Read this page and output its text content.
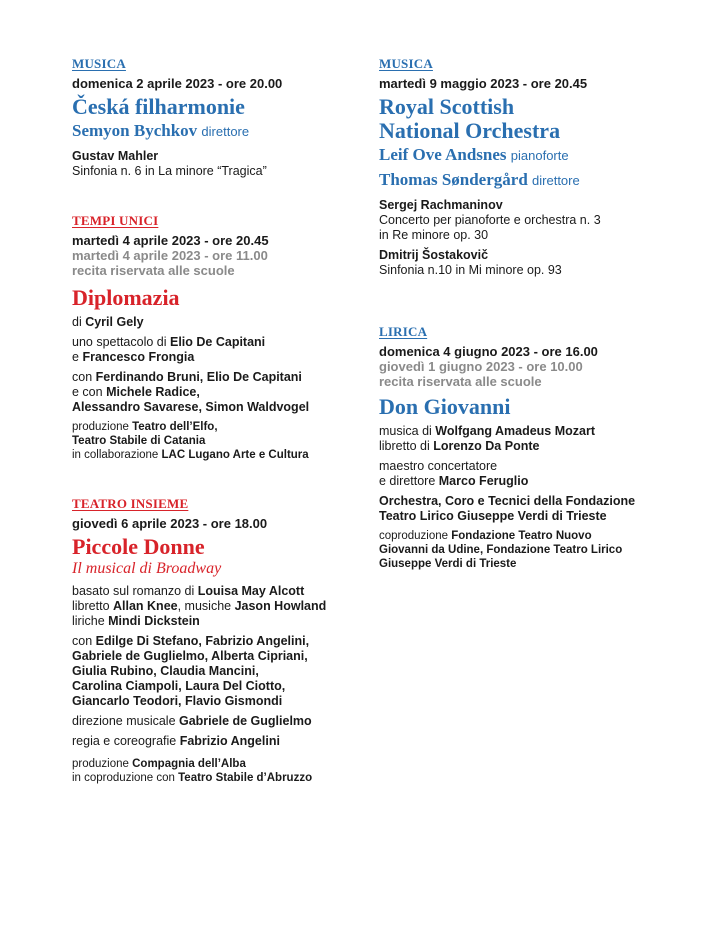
MUSICA
domenica 2 aprile 2023 - ore 20.00
Česká filharmonie
Semyon Bychkov direttore
Gustav Mahler
Sinfonia n. 6 in La minore “Tragica”
TEMPI UNICI
martedì 4 aprile 2023 - ore 20.45
martedì 4 aprile 2023 - ore 11.00
recita riservata alle scuole
Diplomazia
di Cyril Gely
uno spettacolo di Elio De Capitani
e Francesco Frongia
con Ferdinando Bruni, Elio De Capitani
e con Michele Radice,
Alessandro Savarese, Simon Waldvogel
produzione Teatro dell’Elfo,
Teatro Stabile di Catania
in collaborazione LAC Lugano Arte e Cultura
TEATRO INSIEME
giovedì 6 aprile 2023 - ore 18.00
Piccole Donne
Il musical di Broadway
basato sul romanzo di Louisa May Alcott
libretto Allan Knee, musiche Jason Howland
liriche Mindi Dickstein
con Edilge Di Stefano, Fabrizio Angelini,
Gabriele de Guglielmo, Alberta Cipriani,
Giulia Rubino, Claudia Mancini,
Carolina Ciampoli, Laura Del Ciotto,
Giancarlo Teodori, Flavio Gismondi
direzione musicale Gabriele de Guglielmo
regia e coreografie Fabrizio Angelini
produzione Compagnia dell’Alba
in coproduzione con Teatro Stabile d’Abruzzo
MUSICA
martedì 9 maggio 2023 - ore 20.45
Royal Scottish
National Orchestra
Leif Ove Andsnes pianoforte
Thomas Søndergård direttore
Sergej Rachmaninov
Concerto per pianoforte e orchestra n. 3
in Re minore op. 30
Dmitrij Šostakovič
Sinfonia n.10 in Mi minore op. 93
LIRICA
domenica 4 giugno 2023 - ore 16.00
giovedì 1 giugno 2023 - ore 10.00
recita riservata alle scuole
Don Giovanni
musica di Wolfgang Amadeus Mozart
libretto di Lorenzo Da Ponte
maestro concertatore
e direttore Marco Feruglio
Orchestra, Coro e Tecnici della Fondazione
Teatro Lirico Giuseppe Verdi di Trieste
coproduzione Fondazione Teatro Nuovo
Giovanni da Udine, Fondazione Teatro Lirico
Giuseppe Verdi di Trieste
